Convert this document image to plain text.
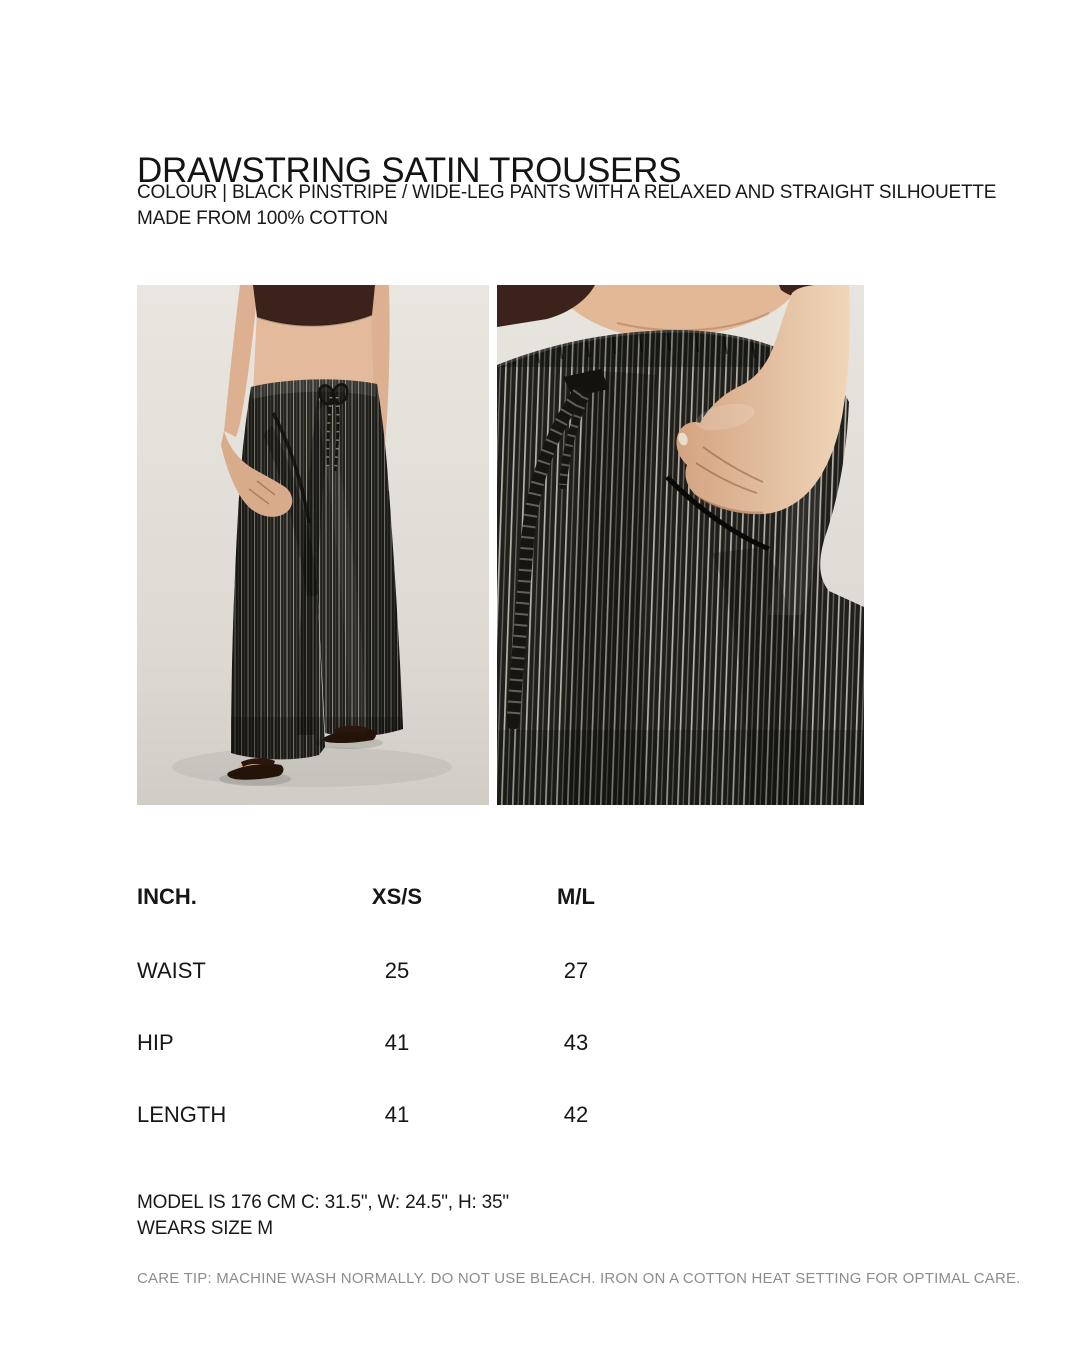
DRAWSTRING SATIN TROUSERS
COLOUR | BLACK PINSTRIPE / WIDE-LEG PANTS WITH A RELAXED AND STRAIGHT SILHOUETTE
MADE FROM 100% COTTON
INCH.	XS/S	M/L
WAIST	25	27
HIP	41	43
LENGTH	41	42
MODEL IS 176 CM C: 31.5", W: 24.5", H: 35"
WEARS SIZE M

CARE TIP: MACHINE WASH NORMALLY. DO NOT USE BLEACH. IRON ON A COTTON HEAT SETTING FOR OPTIMAL CARE.
